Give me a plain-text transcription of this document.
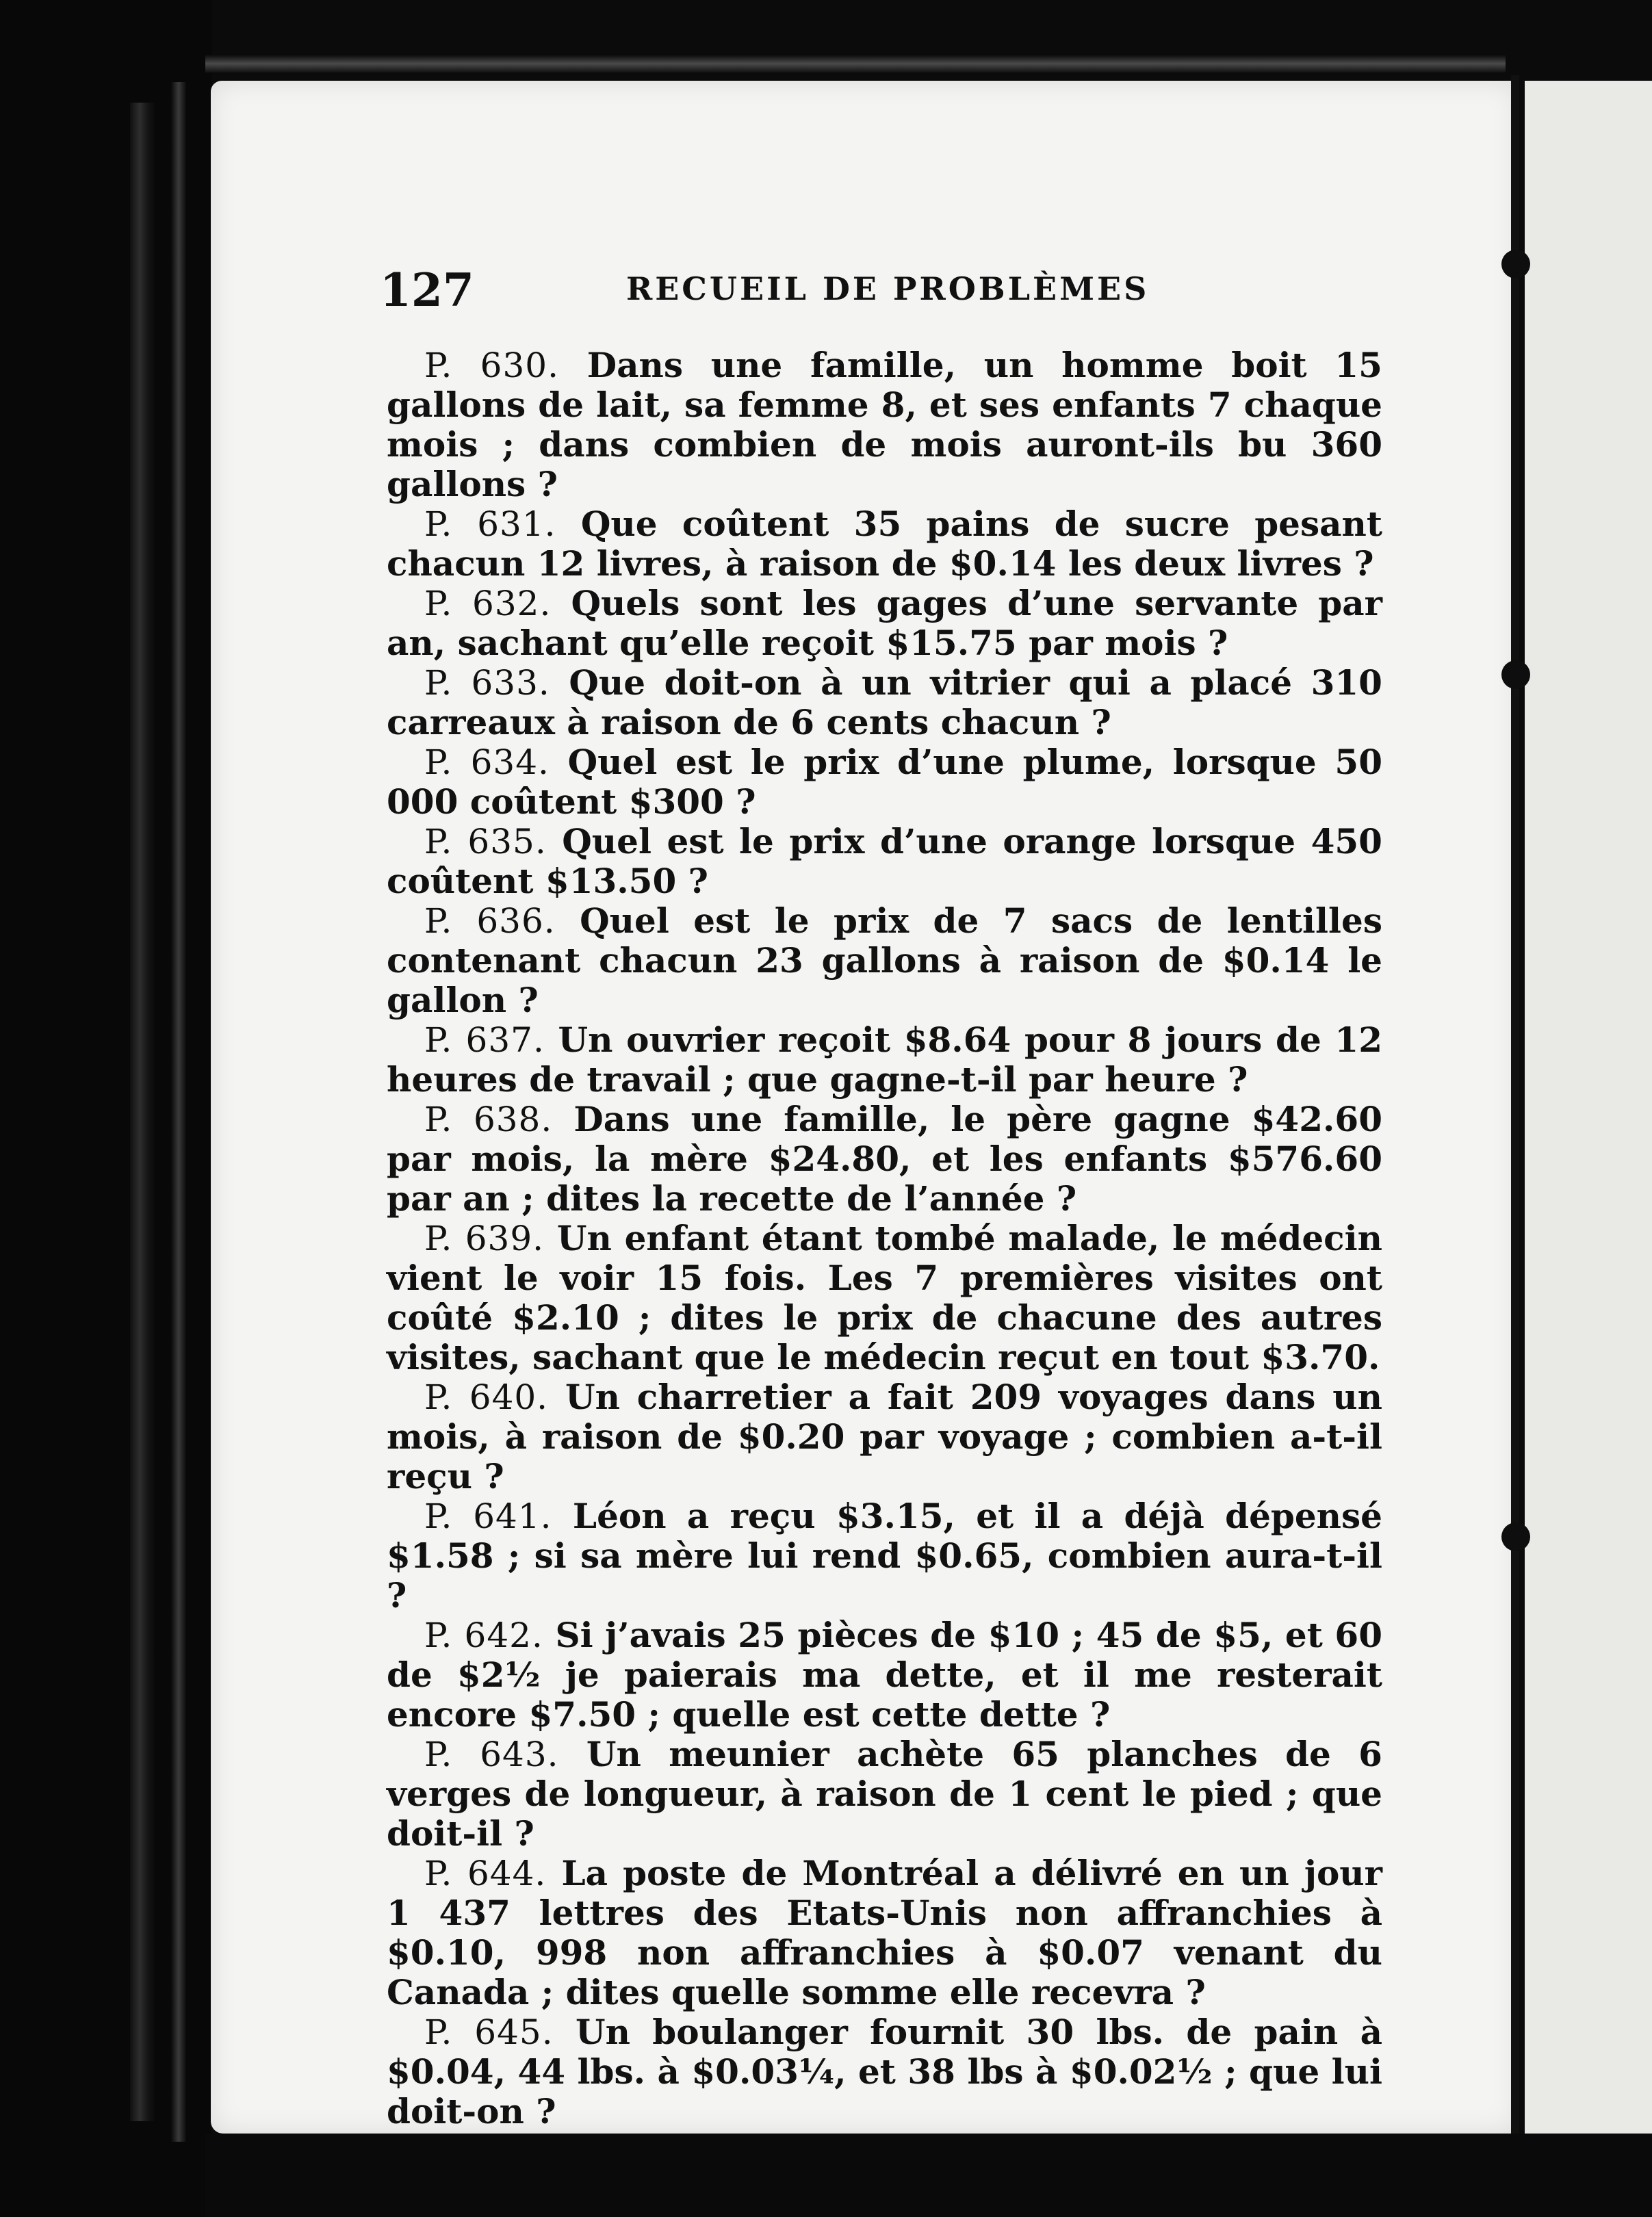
127	RECUEIL DE PROBLÈMES

P. 630. Dans une famille, un homme boit 15 gallons de lait, sa femme 8, et ses enfants 7 chaque mois ; dans combien de mois auront-ils bu 360 gallons ?

P. 631. Que coûtent 35 pains de sucre pesant chacun 12 livres, à raison de $0.14 les deux livres ?

P. 632. Quels sont les gages d’une servante par an, sachant qu’elle reçoit $15.75 par mois ?

P. 633. Que doit-on à un vitrier qui a placé 310 carreaux à raison de 6 cents chacun ?

P. 634. Quel est le prix d’une plume, lorsque 50 000 coûtent $300 ?

P. 635. Quel est le prix d’une orange lorsque 450 coûtent $13.50 ?

P. 636. Quel est le prix de 7 sacs de lentilles contenant chacun 23 gallons à raison de $0.14 le gallon ?

P. 637. Un ouvrier reçoit $8.64 pour 8 jours de 12 heures de travail ; que gagne-t-il par heure ?

P. 638. Dans une famille, le père gagne $42.60 par mois, la mère $24.80, et les enfants $576.60 par an ; dites la recette de l’année ?

P. 639. Un enfant étant tombé malade, le médecin vient le voir 15 fois. Les 7 premières visites ont coûté $2.10 ; dites le prix de chacune des autres visites, sachant que le médecin reçut en tout $3.70.

P. 640. Un charretier a fait 209 voyages dans un mois, à raison de $0.20 par voyage ; combien a-t-il reçu ?

P. 641. Léon a reçu $3.15, et il a déjà dépensé $1.58 ; si sa mère lui rend $0.65, combien aura-t-il ?

P. 642. Si j’avais 25 pièces de $10 ; 45 de $5, et 60 de $2½ je paierais ma dette, et il me resterait encore $7.50 ; quelle est cette dette ?

P. 643. Un meunier achète 65 planches de 6 verges de longueur, à raison de 1 cent le pied ; que doit-il ?

P. 644. La poste de Montréal a délivré en un jour 1 437 lettres des Etats-Unis non affranchies à $0.10, 998 non affranchies à $0.07 venant du Canada ; dites quelle somme elle recevra ?

P. 645. Un boulanger fournit 30 lbs. de pain à $0.04, 44 lbs. à $0.03¼, et 38 lbs à $0.02½ ; que lui doit-on ?
